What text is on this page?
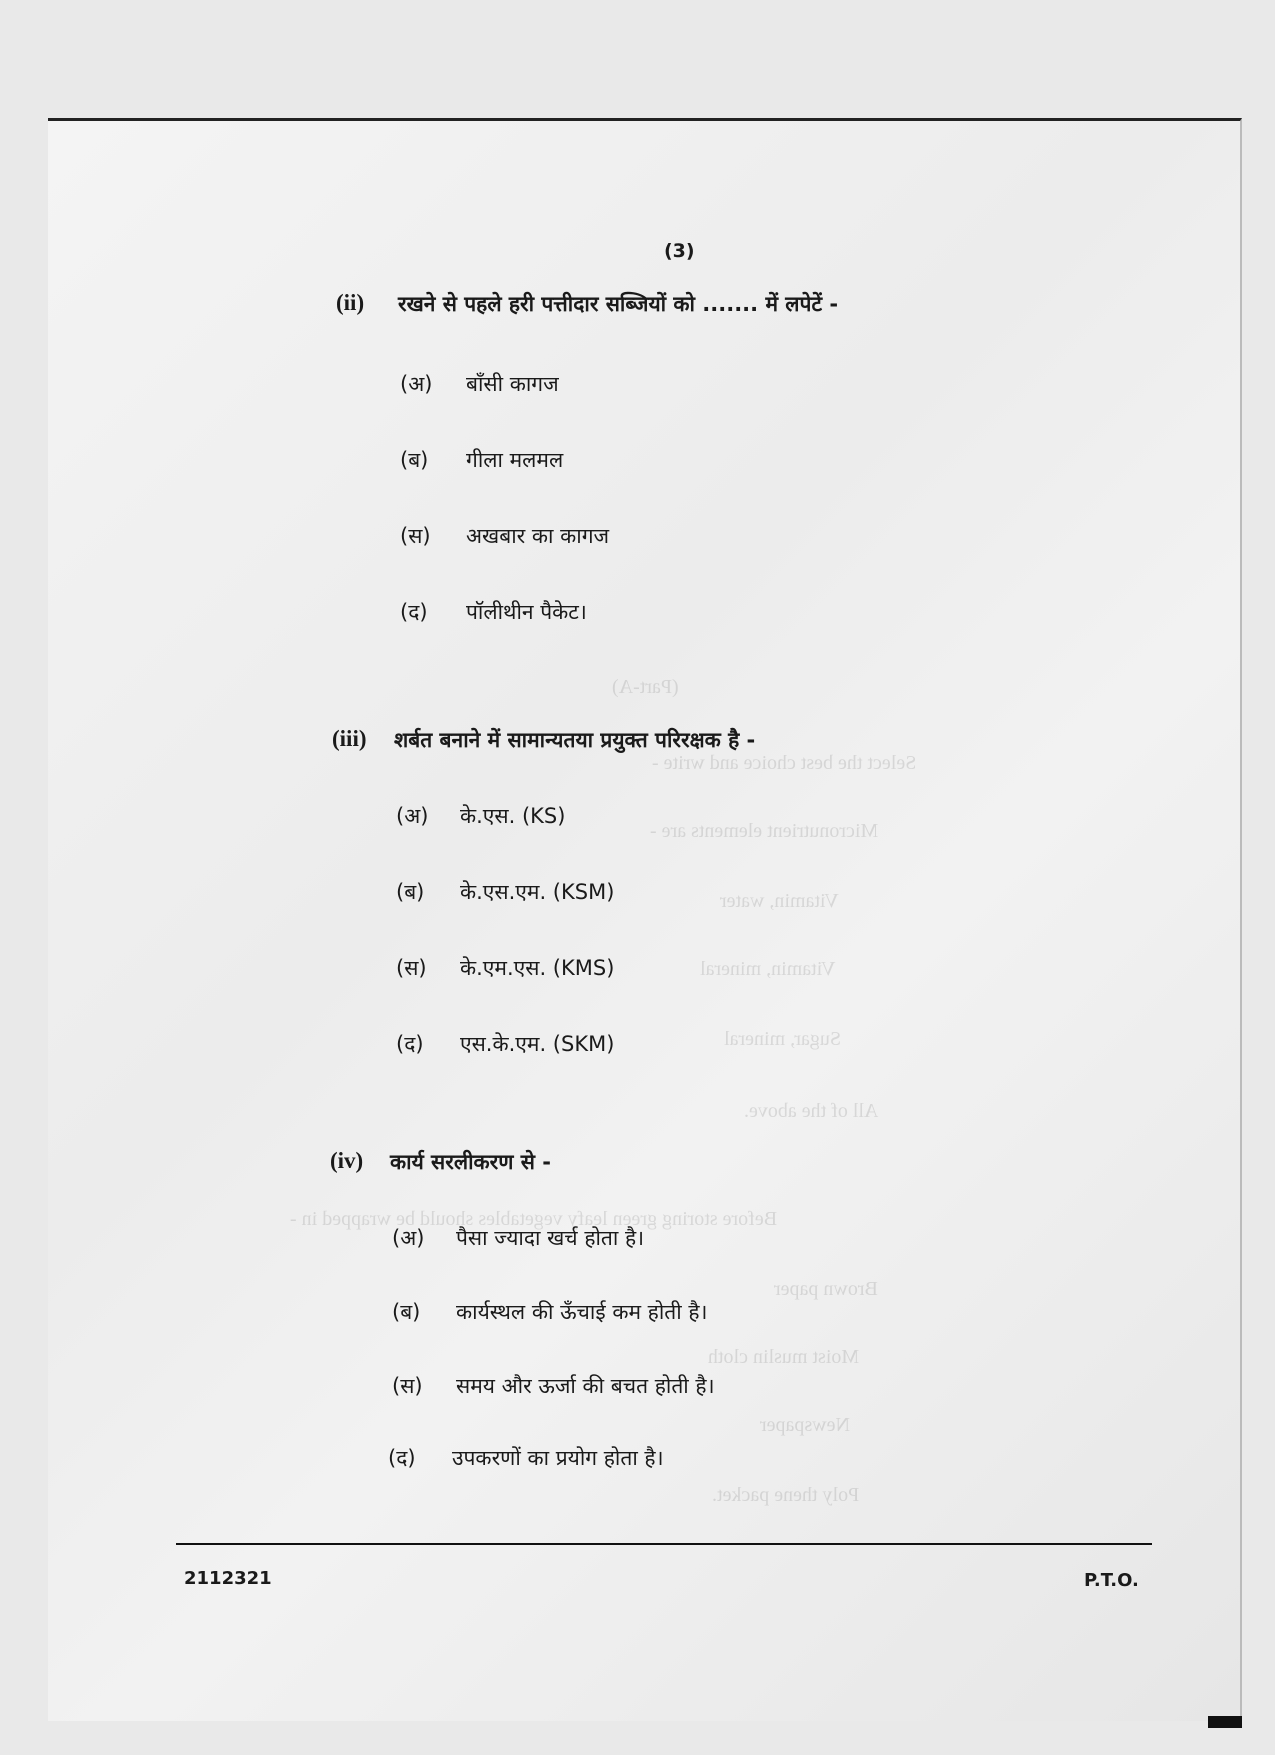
(Part-A)
Select the best choice and write -
Micronutrient elements are -
Vitamin, water
Vitamin, mineral
Sugar, mineral
All of the above.
Before storing green leafy vegetables should be wrapped in -
Brown paper
Moist muslin cloth
Newspaper
Poly thene packet.
(3)
(ii) रखने से पहले हरी पत्तीदार सब्जियों को ....... में लपेटें -
(अ) बाँसी कागज
(ब) गीला मलमल
(स) अखबार का कागज
(द) पॉलीथीन पैकेट।
(iii) शर्बत बनाने में सामान्यतया प्रयुक्त परिरक्षक है -
(अ) के.एस. (KS)
(ब) के.एस.एम. (KSM)
(स) के.एम.एस. (KMS)
(द) एस.के.एम. (SKM)
(iv) कार्य सरलीकरण से -
(अ) पैसा ज्यादा खर्च होता है।
(ब) कार्यस्थल की ऊँचाई कम होती है।
(स) समय और ऊर्जा की बचत होती है।
(द) उपकरणों का प्रयोग होता है।
2112321	P.T.O.
